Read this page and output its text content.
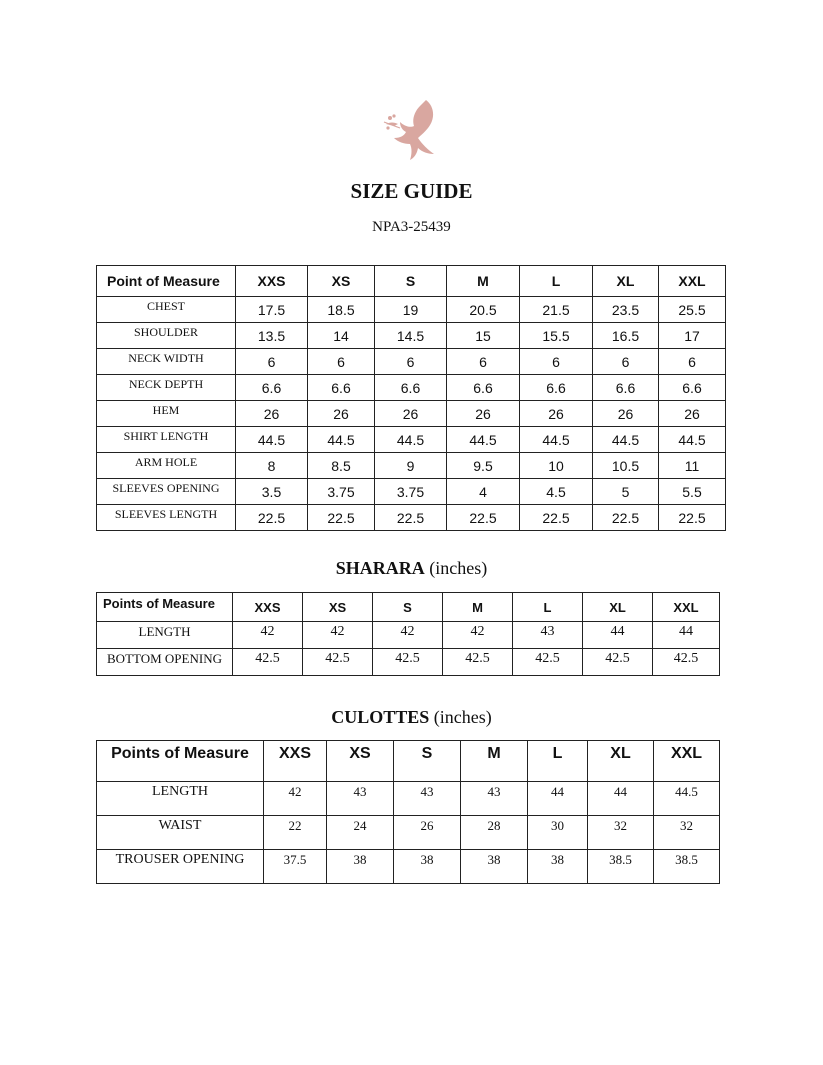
SIZE GUIDE
NPA3-25439
Point of Measure	XXS	XS	S	M	L	XL	XXL
CHEST	17.5	18.5	19	20.5	21.5	23.5	25.5
SHOULDER	13.5	14	14.5	15	15.5	16.5	17
NECK WIDTH	6	6	6	6	6	6	6
NECK DEPTH	6.6	6.6	6.6	6.6	6.6	6.6	6.6
HEM	26	26	26	26	26	26	26
SHIRT LENGTH	44.5	44.5	44.5	44.5	44.5	44.5	44.5
ARM HOLE	8	8.5	9	9.5	10	10.5	11
SLEEVES OPENING	3.5	3.75	3.75	4	4.5	5	5.5
SLEEVES LENGTH	22.5	22.5	22.5	22.5	22.5	22.5	22.5
SHARARA (inches)
Points of Measure	XXS	XS	S	M	L	XL	XXL
LENGTH	42	42	42	42	43	44	44
BOTTOM OPENING	42.5	42.5	42.5	42.5	42.5	42.5	42.5
CULOTTES (inches)
Points of Measure	XXS	XS	S	M	L	XL	XXL
LENGTH	42	43	43	43	44	44	44.5
WAIST	22	24	26	28	30	32	32
TROUSER OPENING	37.5	38	38	38	38	38.5	38.5
